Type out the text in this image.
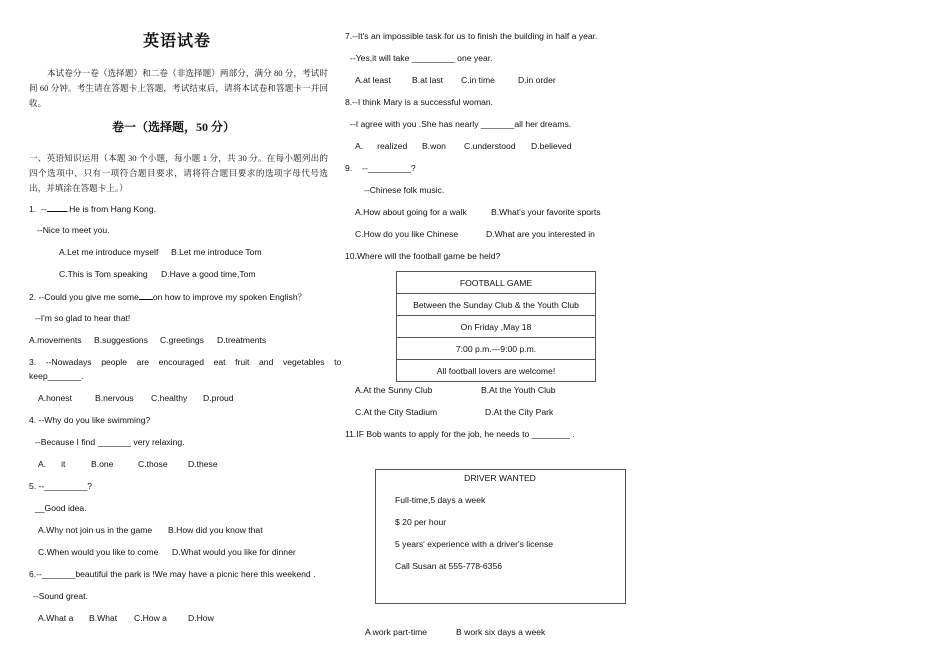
英语试卷
本试卷分一卷（选择题）和二卷（非选择题）两部分，满分 80 分，考试时间 60 分钟。考生请在答题卡上答题，考试结束后，请将本试卷和答题卡一并回收。
卷一（选择题，50 分）
一、英语知识运用（本题 30 个小题，每小题 1 分，共 30 分。在每小题列出的四个选项中，只有一项符合题目要求，请将符合题目要求的选项字母代号选出，并填涂在答题卡上。）
1. -- .He is from Hang Kong.
--Nice to meet you.
A.Let me introduce myself B.Let me introduce Tom
C.This is Tom speaking D.Have a good time,Tom
2. --Could you give me some on how to improve my spoken English？
--I'm so glad to hear that!
A.movements B.suggestions C.greetings D.treatments
3. --Nowadays people are encouraged eat fruit and vegetables to
keep_______.
A.honest	B.nervous C.healthy D.proud
4. --Why do you like swimming?
--Because I find _______ very relaxing.
A. it	B.one	C.those D.these
5. --_________?
__Good idea.
A.Why not join us in the game B.How did you know that
C.When would you like to come D.What would you like for dinner
6.--_______beautiful the park is !We may have a picnic here this weekend .
--Sound great.
A.What a B.What C.How a D.How
7.--It's an impossible task for us to finish the building in half a year.
--Yes,it will take _________ one year.
A.at least B.at last C.in time	D.in order
8.--I think Mary is a successful woman.
--I agree with you .She has nearly _______all her dreams.
A. realized B.won C.understood D.believed
9. --_________?
--Chinese folk music.
A.How about going for a walk	B.What's your favorite sports
C.How do you like Chinese	D.What are you interested in
10.Where will the football game be held?
FOOTBALL GAME
Between the Sunday Club & the Youth Club
On Friday ,May 18
7:00 p.m.---9:00 p.m.
All football lovers are welcome!
A.At the Sunny Club	B.At the Youth Club
C.At the City Stadium	D.At the City Park
11.IF Bob wants to apply for the job, he needs to ________ .
DRIVER WANTED
Full-time,5 days a week
$ 20 per hour
5 years' experience with a driver's license
Call Susan at 555-778-6356
A work part-time	B work six days a week
